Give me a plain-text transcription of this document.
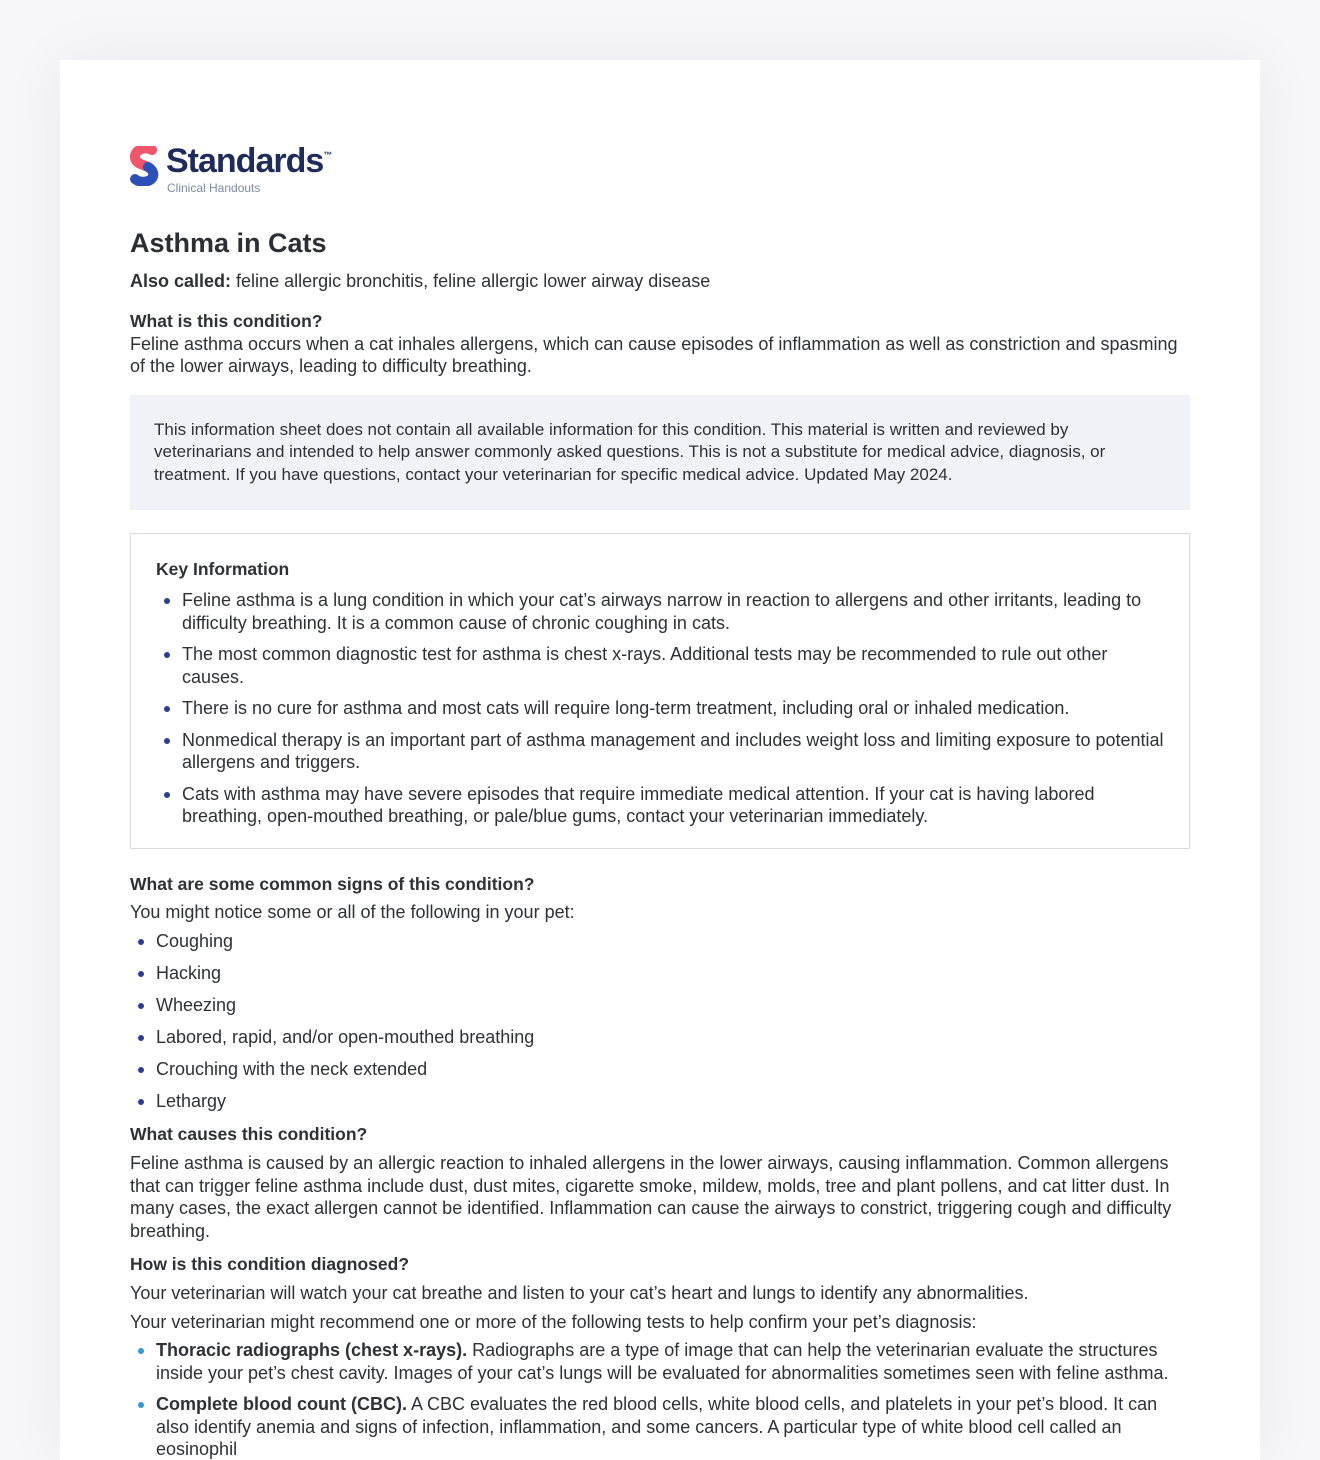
Standards™
Clinical Handouts
Asthma in Cats

Also called: feline allergic bronchitis, feline allergic lower airway disease

What is this condition?

Feline asthma occurs when a cat inhales allergens, which can cause episodes of inflammation as well as constriction and spasming of the lower airways, leading to difficulty breathing.

This information sheet does not contain all available information for this condition. This material is written and reviewed by veterinarians and intended to help answer commonly asked questions. This is not a substitute for medical advice, diagnosis, or treatment. If you have questions, contact your veterinarian for specific medical advice. Updated May 2024.
Key Information
Feline asthma is a lung condition in which your cat’s airways narrow in reaction to allergens and other irritants, leading to difficulty breathing. It is a common cause of chronic coughing in cats.
The most common diagnostic test for asthma is chest x-rays. Additional tests may be recommended to rule out other causes.
There is no cure for asthma and most cats will require long-term treatment, including oral or inhaled medication.
Nonmedical therapy is an important part of asthma management and includes weight loss and limiting exposure to potential allergens and triggers.
Cats with asthma may have severe episodes that require immediate medical attention. If your cat is having labored breathing, open-mouthed breathing, or pale/blue gums, contact your veterinarian immediately.
What are some common signs of this condition?

You might notice some or all of the following in your pet:

Coughing
Hacking
Wheezing
Labored, rapid, and/or open-mouthed breathing
Crouching with the neck extended
Lethargy
What causes this condition?

Feline asthma is caused by an allergic reaction to inhaled allergens in the lower airways, causing inflammation. Common allergens that can trigger feline asthma include dust, dust mites, cigarette smoke, mildew, molds, tree and plant pollens, and cat litter dust. In many cases, the exact allergen cannot be identified. Inflammation can cause the airways to constrict, triggering cough and difficulty breathing.

How is this condition diagnosed?

Your veterinarian will watch your cat breathe and listen to your cat’s heart and lungs to identify any abnormalities.

Your veterinarian might recommend one or more of the following tests to help confirm your pet’s diagnosis:

Thoracic radiographs (chest x-rays). Radiographs are a type of image that can help the veterinarian evaluate the structures inside your pet’s chest cavity. Images of your cat’s lungs will be evaluated for abnormalities sometimes seen with feline asthma.
Complete blood count (CBC). A CBC evaluates the red blood cells, white blood cells, and platelets in your pet’s blood. It can also identify anemia and signs of infection, inflammation, and some cancers. A particular type of white blood cell called an eosinophil
